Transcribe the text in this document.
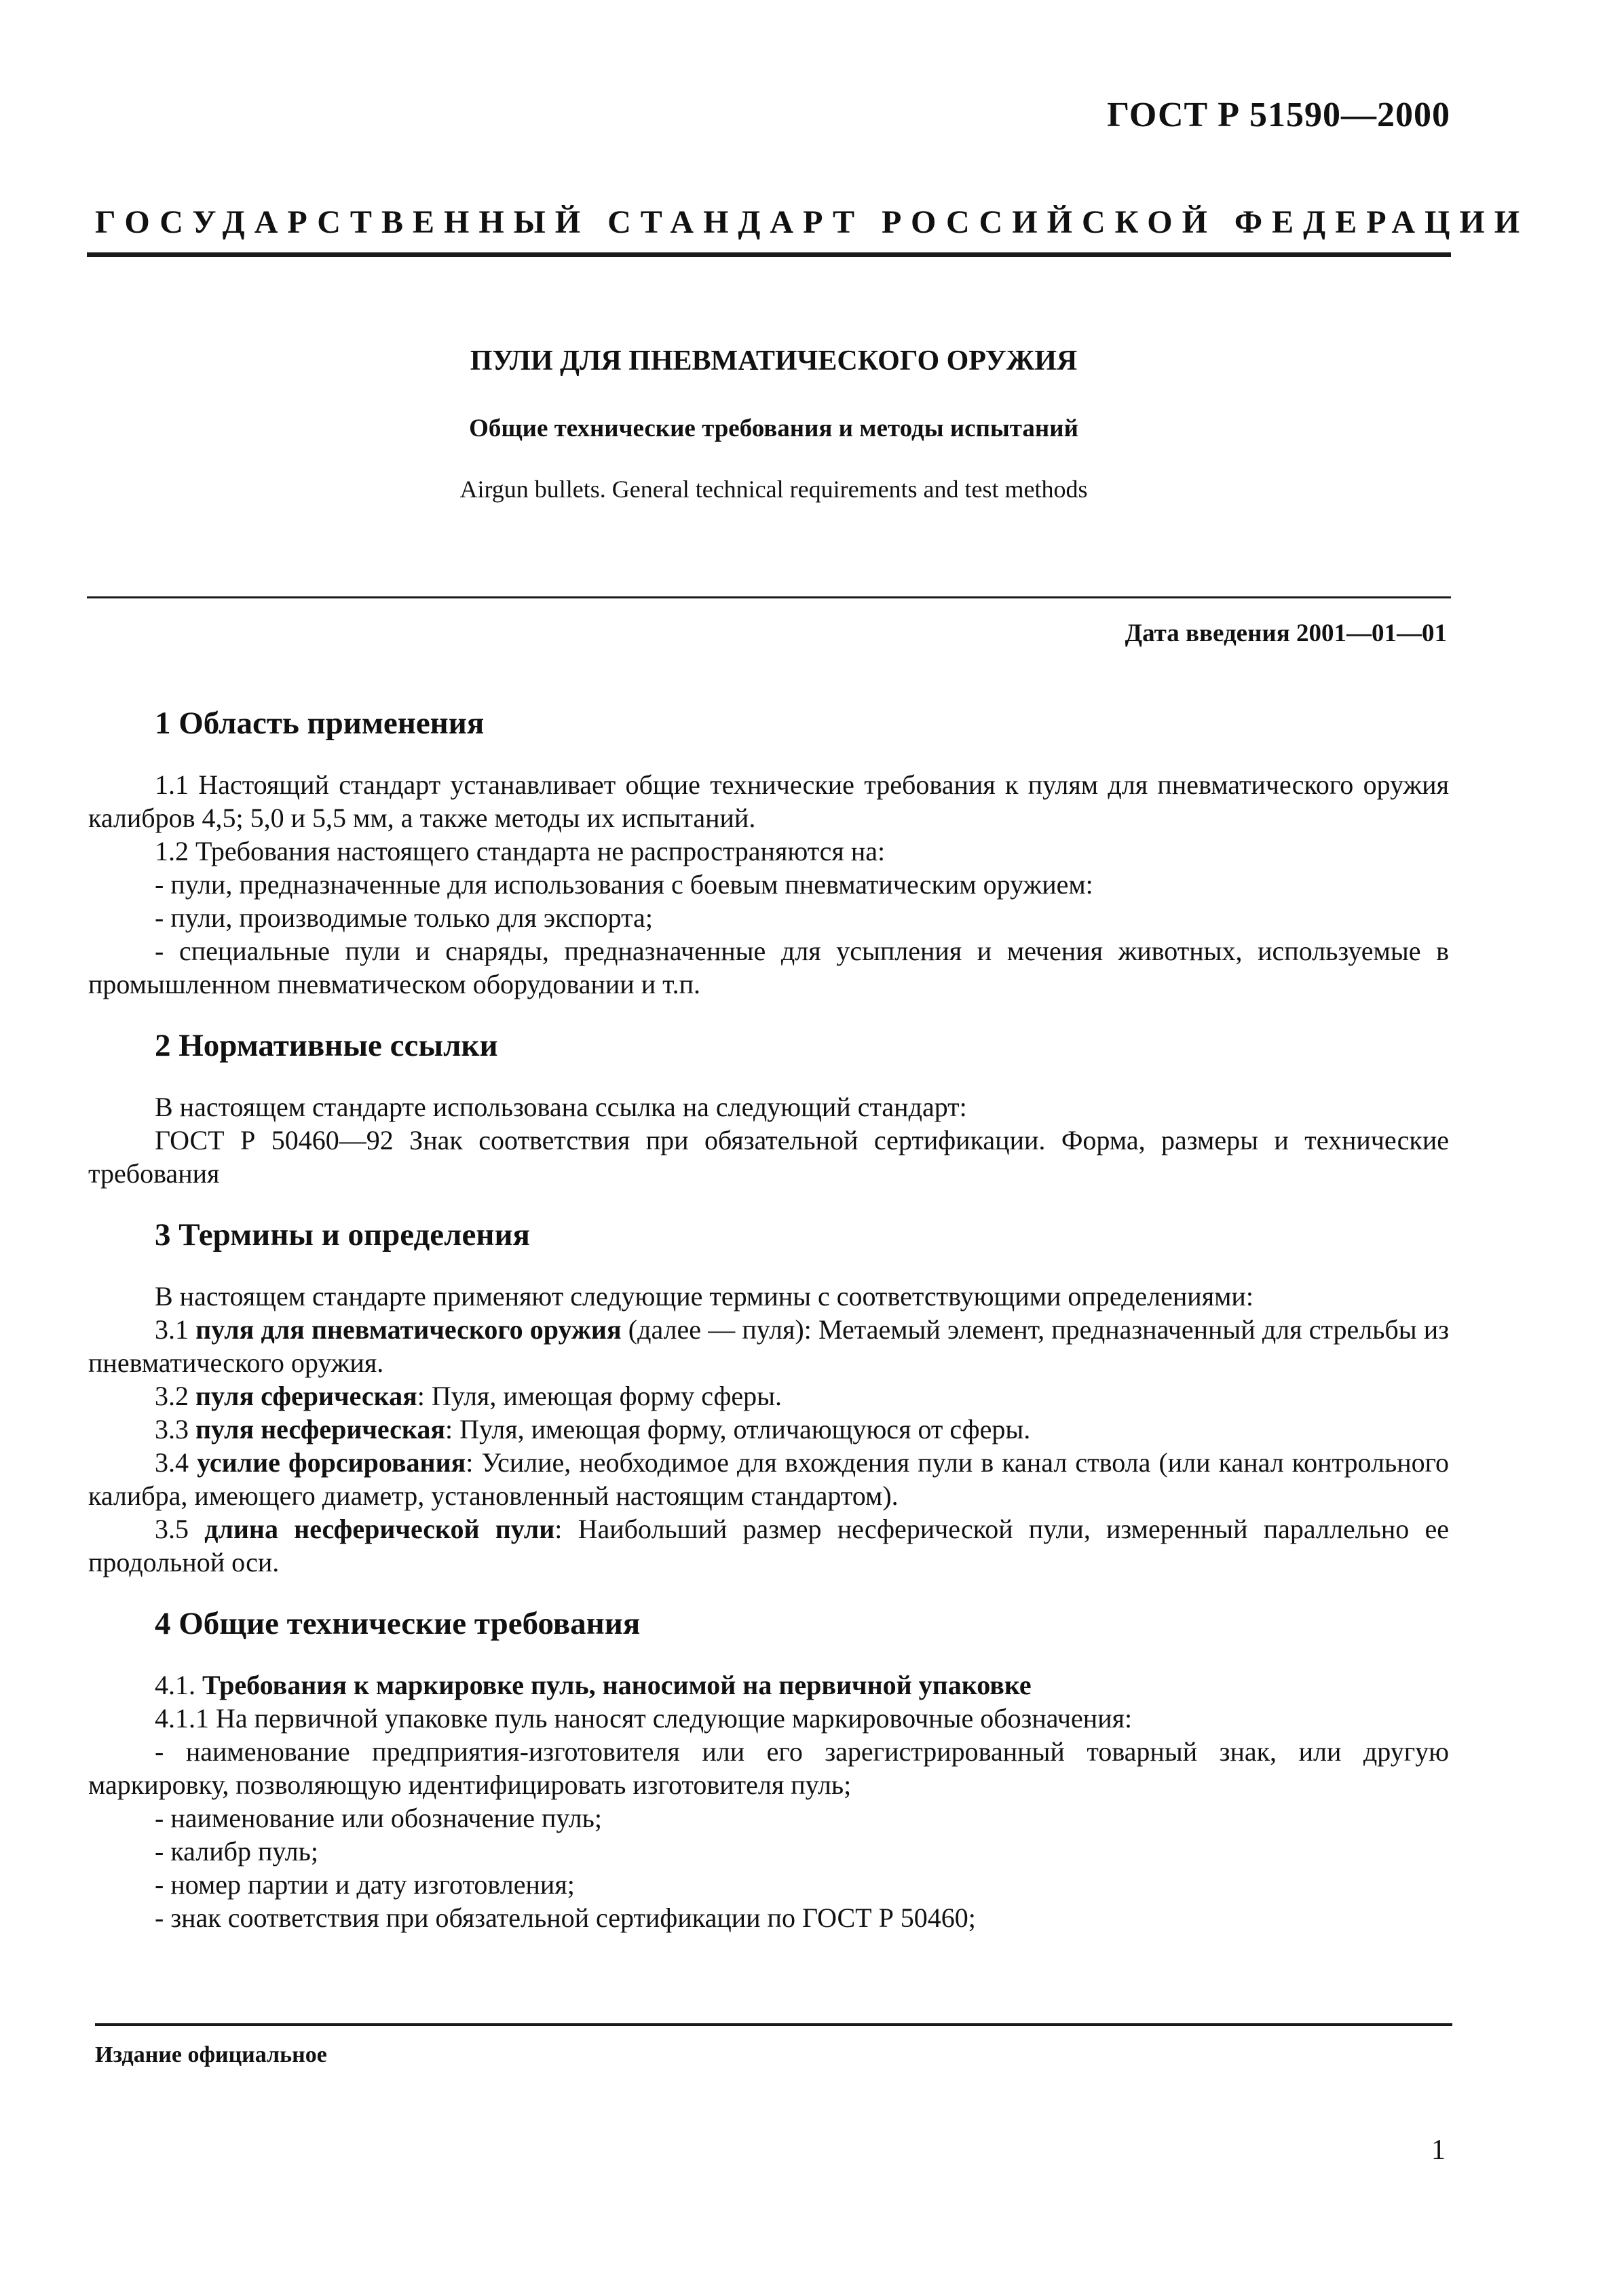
ГОСТ Р 51590—2000
ГОСУДАРСТВЕННЫЙ СТАНДАРТ РОССИЙСКОЙ ФЕДЕРАЦИИ
ПУЛИ ДЛЯ ПНЕВМАТИЧЕСКОГО ОРУЖИЯ
Общие технические требования и методы испытаний
Airgun bullets. General technical requirements and test methods
Дата введения 2001—01—01
1 Область применения

1.1 Настоящий стандарт устанавливает общие технические требования к пулям для пневматического оружия калибров 4,5; 5,0 и 5,5 мм, а также методы их испытаний.

1.2 Требования настоящего стандарта не распространяются на:

- пули, предназначенные для использования с боевым пневматическим оружием:

- пули, производимые только для экспорта;

- специальные пули и снаряды, предназначенные для усыпления и мечения животных, используемые в промышленном пневматическом оборудовании и т.п.

2 Нормативные ссылки

В настоящем стандарте использована ссылка на следующий стандарт:

ГОСТ Р 50460—92 Знак соответствия при обязательной сертификации. Форма, размеры и технические требования

3 Термины и определения

В настоящем стандарте применяют следующие термины с соответствующими определениями:

3.1 пуля для пневматического оружия (далее — пуля): Метаемый элемент, предназначенный для стрельбы из пневматического оружия.

3.2 пуля сферическая: Пуля, имеющая форму сферы.

3.3 пуля несферическая: Пуля, имеющая форму, отличающуюся от сферы.

3.4 усилие форсирования: Усилие, необходимое для вхождения пули в канал ствола (или канал контрольного калибра, имеющего диаметр, установленный настоящим стандартом).

3.5 длина несферической пули: Наибольший размер несферической пули, измеренный параллельно ее продольной оси.

4 Общие технические требования

4.1. Требования к маркировке пуль, наносимой на первичной упаковке

4.1.1 На первичной упаковке пуль наносят следующие маркировочные обозначения:

- наименование предприятия-изготовителя или его зарегистрированный товарный знак, или другую маркировку, позволяющую идентифицировать изготовителя пуль;

- наименование или обозначение пуль;

- калибр пуль;

- номер партии и дату изготовления;

- знак соответствия при обязательной сертификации по ГОСТ Р 50460;

Издание официальное
1
